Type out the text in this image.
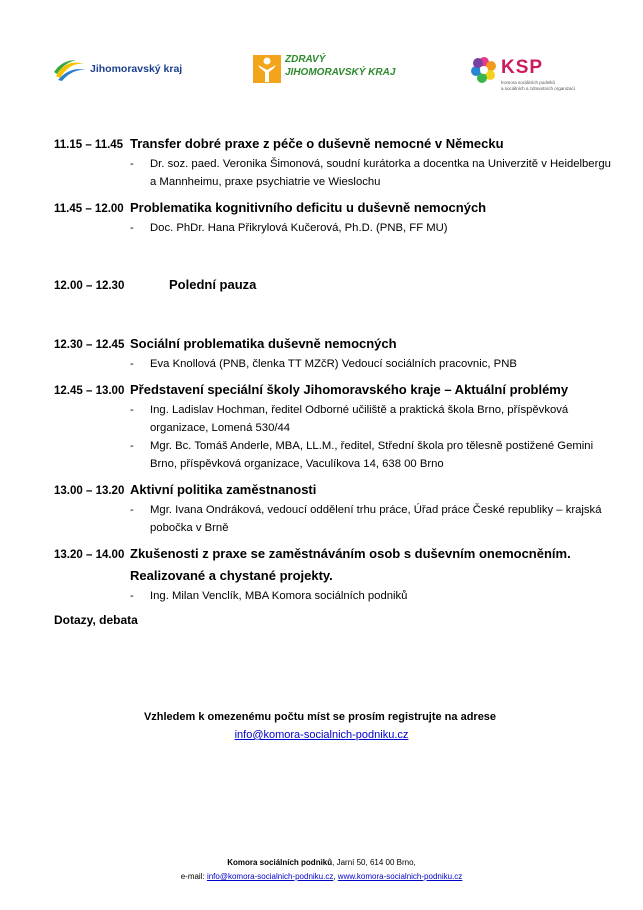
Jihomoravský kraj
ZDRAVÝ
JIHOMORAVSKÝ KRAJ	KSP
Komora sociálních podniků
a sociálních a zdravotních organizací
11.15 – 11.45 Transfer dobré praxe z péče o duševně nemocné v Německu
- Dr. soz. paed. Veronika Šimonová, soudní kurátorka a docentka na Univerzitě v Heidelbergu a Mannheimu, praxe psychiatrie ve Wieslochu
11.45 – 12.00 Problematika kognitivního deficitu u duševně nemocných
- Doc. PhDr. Hana Přikrylová Kučerová, Ph.D. (PNB, FF MU)
12.00 – 12.30	Polední pauza
12.30 – 12.45 Sociální problematika duševně nemocných
- Eva Knollová (PNB, členka TT MZčR) Vedoucí sociálních pracovnic, PNB
12.45 – 13.00 Představení speciální školy Jihomoravského kraje – Aktuální problémy
- Ing. Ladislav Hochman, ředitel Odborné učiliště a praktická škola Brno, příspěvková organizace, Lomená 530/44
- Mgr. Bc. Tomáš Anderle, MBA, LL.M., ředitel, Střední škola pro tělesně postižené Gemini Brno, příspěvková organizace, Vaculíkova 14, 638 00 Brno
13.00 – 13.20 Aktivní politika zaměstnanosti
- Mgr. Ivana Ondráková, vedoucí oddělení trhu práce, Úřad práce České republiky – krajská pobočka v Brně
13.20 – 14.00 Zkušenosti z praxe se zaměstnáváním osob s duševním onemocněním.
Realizované a chystané projekty.
- Ing. Milan Venclík, MBA Komora sociálních podniků
Dotazy, debata
Vzhledem k omezenému počtu míst se prosím registrujte na adrese
info@komora-socialnich-podniku.cz
Komora sociálních podniků, Jarní 50, 614 00 Brno,
e-mail: info@komora-socialnich-podniku.cz, www.komora-socialnich-podniku.cz
